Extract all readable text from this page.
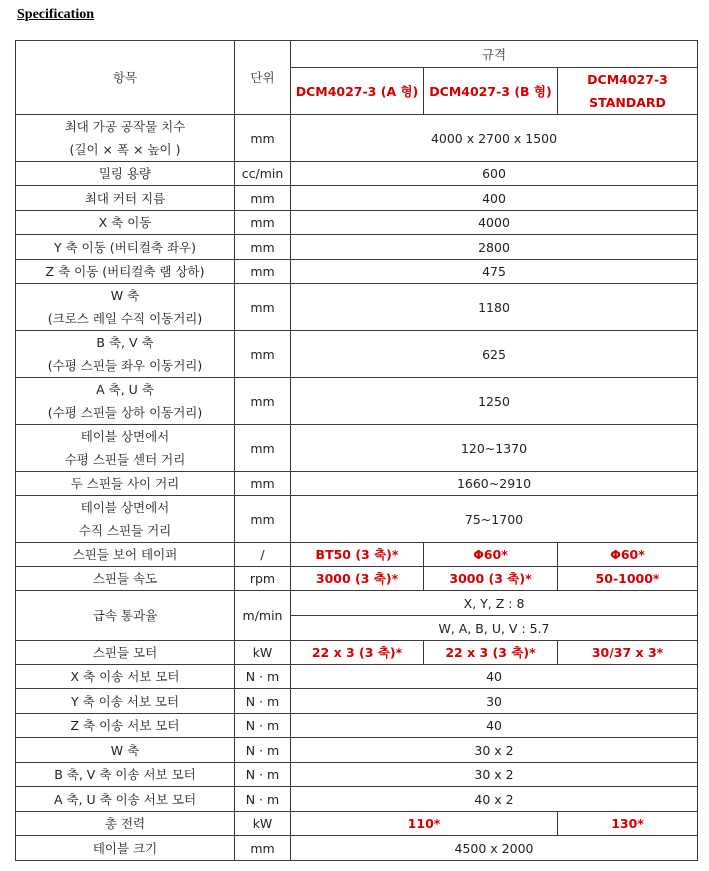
Specification
항목	단위	규격		
		DCM4027-3 (A 형)	DCM4027-3 (B 형)	DCM4027-3
STANDARD
최대 가공 공작물 치수
(길이 × 폭 × 높이 )	mm	4000 x 2700 x 1500		
밀링 용량	cc/min	600		
최대 커터 지름	mm	400		
X 축 이동	mm	4000		
Y 축 이동 (버티컬축 좌우)	mm	2800		
Z 축 이동 (버티컬축 램 상하)	mm	475		
W 축
(크로스 레일 수직 이동거리)	mm	1180		
B 축, V 축
(수평 스핀들 좌우 이동거리)	mm	625		
A 축, U 축
(수평 스핀들 상하 이동거리)	mm	1250		
테이블 상면에서
수평 스핀들 센터 거리	mm	120~1370		
두 스핀들 사이 거리	mm	1660~2910		
테이블 상면에서
수직 스핀들 거리	mm	75~1700		
스핀들 보어 테이퍼	/	BT50 (3 축)*	Φ60*	Φ60*
스핀들 속도	rpm	3000 (3 축)*	3000 (3 축)*	50-1000*
급속 통과율	m/min	X, Y, Z : 8		
		W, A, B, U, V : 5.7		
스핀들 모터	kW	22 x 3 (3 축)*	22 x 3 (3 축)*	30/37 x 3*
X 축 이송 서보 모터	N · m	40		
Y 축 이송 서보 모터	N · m	30		
Z 축 이송 서보 모터	N · m	40		
W 축	N · m	30 x 2		
B 축, V 축 이송 서보 모터	N · m	30 x 2		
A 축, U 축 이송 서보 모터	N · m	40 x 2		
총 전력	kW	110*		130*
테이블 크기	mm	4500 x 2000		
